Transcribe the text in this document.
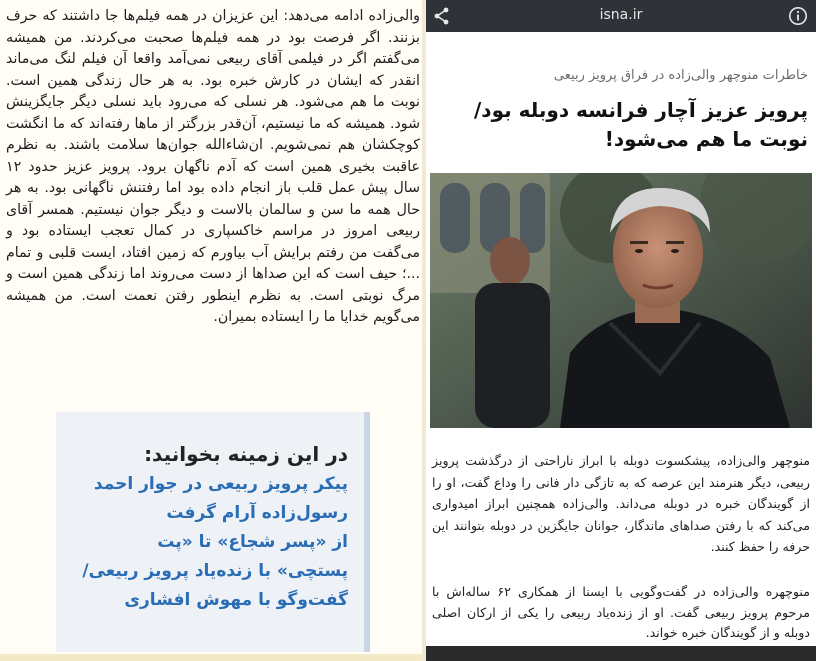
والی‌زاده ادامه می‌دهد: این عزیزان در همه فیلم‌ها جا داشتند که حرف بزنند. اگر فرصت بود در همه فیلم‌ها صحبت می‌کردند. من همیشه می‌گفتم اگر در فیلمی آقای ربیعی نمی‌آمد واقعا آن فیلم لنگ می‌ماند انقدر که ایشان در کارش خبره بود. به هر حال زندگی همین است. نوبت ما هم می‌شود. هر نسلی که می‌رود باید نسلی دیگر جایگزینش شود. همیشه که ما نیستیم، آن‌قدر بزرگتر از ماها رفته‌اند که ما انگشت کوچکشان هم نمی‌شویم. ان‌شاءالله جوان‌ها سلامت باشند. به نظرم عاقبت بخیری همین است که آدم ناگهان برود. پرویز عزیز حدود ۱۲ سال پیش عمل قلب باز انجام داده بود اما رفتنش ناگهانی بود. به هر حال همه ما سن و سالمان بالاست و دیگر جوان نیستیم. همسر آقای ربیعی امروز در مراسم خاکسپاری در کمال تعجب ایستاده بود و می‌گفت من رفتم برایش آب بیاورم که زمین افتاد، ایست قلبی و تمام ...؛ حیف است که این صداها از دست می‌روند اما زندگی همین است و مرگ نوبتی است. به نظرم اینطور رفتن نعمت است. من همیشه می‌گویم خدایا ما را ایستاده بمیران.

در این زمینه بخوانید:
پیکر پرویز ربیعی در جوار احمد
رسول‌زاده آرام گرفت
از «پسر شجاع» تا «پت
پستچی» با زنده‌یاد پرویز ربیعی/
گفت‌وگو با مهوش افشاری
isna.ir
خاطرات منوچهر والی‌زاده در فراق پرویز ربیعی
پرویز عزیز آچار فرانسه دوبله بود/ نوبت ما هم می‌شود!

منوچهر والی‌زاده، پیشکسوت دوبله با ابراز ناراحتی از درگذشت پرویز ربیعی، دیگر هنرمند این عرصه که به تازگی دار فانی را وداع گفت، او را از گویندگان خبره در دوبله می‌داند. والی‌زاده همچنین ابراز امیدواری می‌کند که با رفتن صداهای ماندگار، جوانان جایگزین در دوبله بتوانند این حرفه را حفظ کنند.

منوچهره والی‌زاده در گفت‌وگویی با ایسنا از همکاری ۶۲ ساله‌اش با مرحوم پرویز ربیعی گفت. او از زنده‌یاد ربیعی را یکی از ارکان اصلی دوبله و از گویندگان خبره خواند.
